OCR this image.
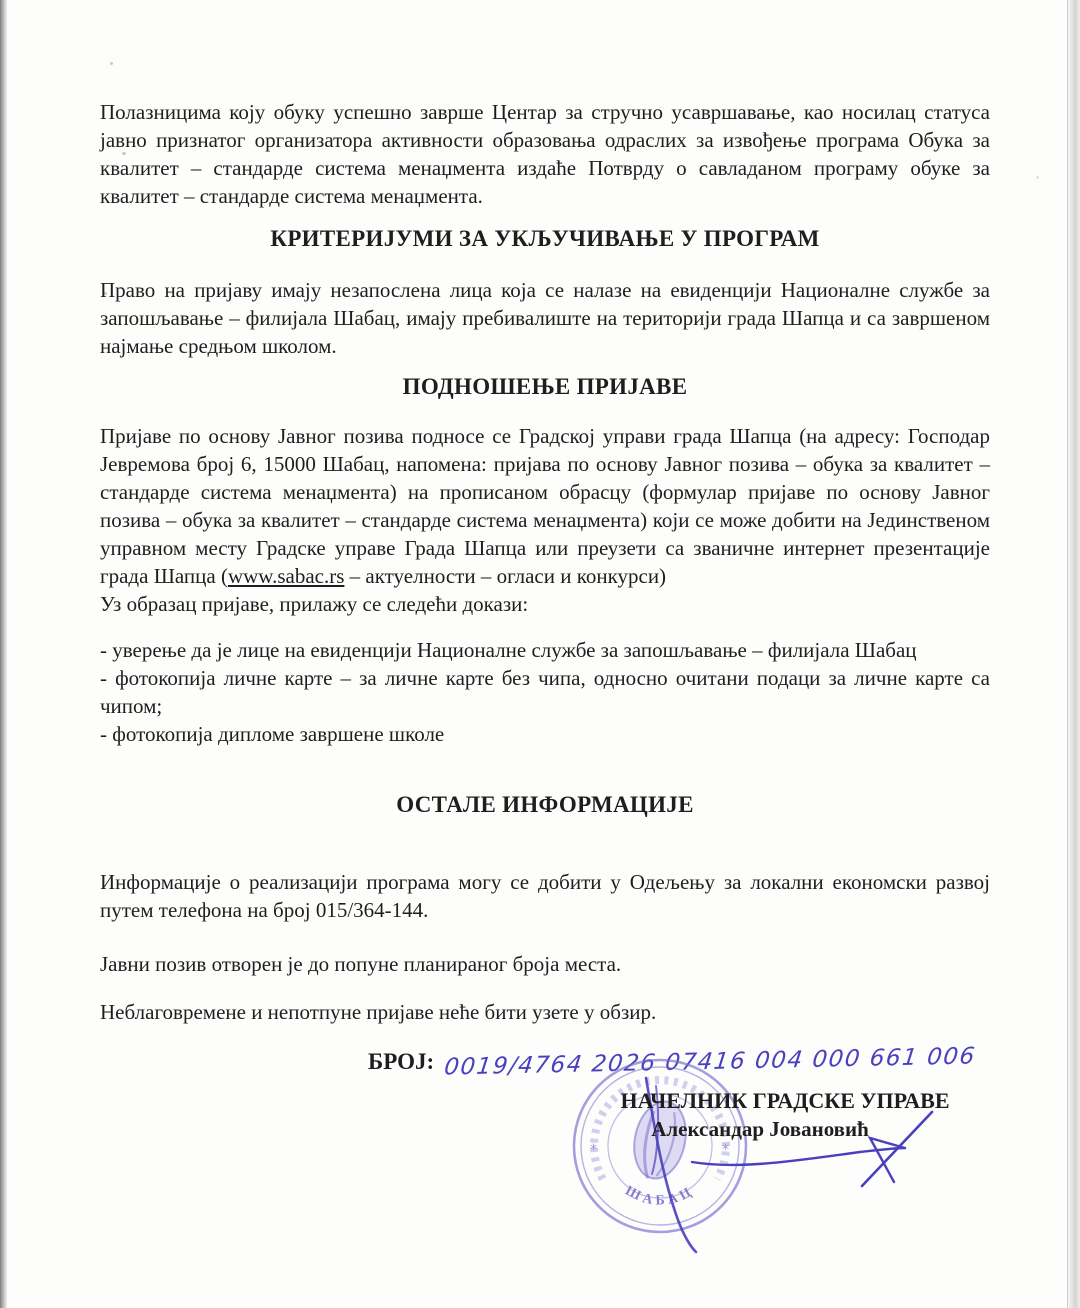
Полазницима коју обуку успешно заврше Центар за стручно усавршавање, као носилац статуса јавно признатог организатора активности образовања одраслих за извођење програма Обука за квалитет – стандарде система менаџмента издаће Потврду о савладаном програму обуке за квалитет – стандарде система менаџмента.

КРИТЕРИЈУМИ ЗА УКЉУЧИВАЊЕ У ПРОГРАМ

Право на пријаву имају незапослена лица која се налазе на евиденцији Националне службе за запошљавање – филијала Шабац, имају пребивалиште на територији града Шапца и са завршеном најмање средњом школом.

ПОДНОШЕЊЕ ПРИЈАВЕ

Пријаве по основу Јавног позива подносе се Градској управи града Шапца (на адресу: Господар Јевремова број 6, 15000 Шабац, напомена: пријава по основу Јавног позива – обука за квалитет – стандарде система менаџмента) на прописаном обрасцу (формулар пријаве по основу Јавног позива – обука за квалитет – стандарде система менаџмента) који се може добити на Јединственом управном месту Градске управе Града Шапца или преузети са званичне интернет презентације града Шапца (www.sabac.rs – актуелности – огласи и конкурси)

Уз образац пријаве, прилажу се следећи докази:

- уверење да је лице на евиденцији Националне службе за запошљавање – филијала Шабац

- фотокопија личне карте – за личне карте без чипа, односно очитани подаци за личне карте са чипом;

- фотокопија дипломе завршене школе

ОСТАЛЕ ИНФОРМАЦИЈЕ

Информације о реализацији програма могу се добити у Одељењу за локални економски развој путем телефона на број 015/364-144.

Јавни позив отворен је до попуне планираног броја места.

Неблаговремене и непотпуне пријаве неће бити узете у обзир.

БРОЈ: 0019/4764 2026 07416 004 000 661 006
*	*
ШАБАЦ

НАЧЕЛНИК ГРАДСКЕ УПРАВЕ

Александар Јовановић
